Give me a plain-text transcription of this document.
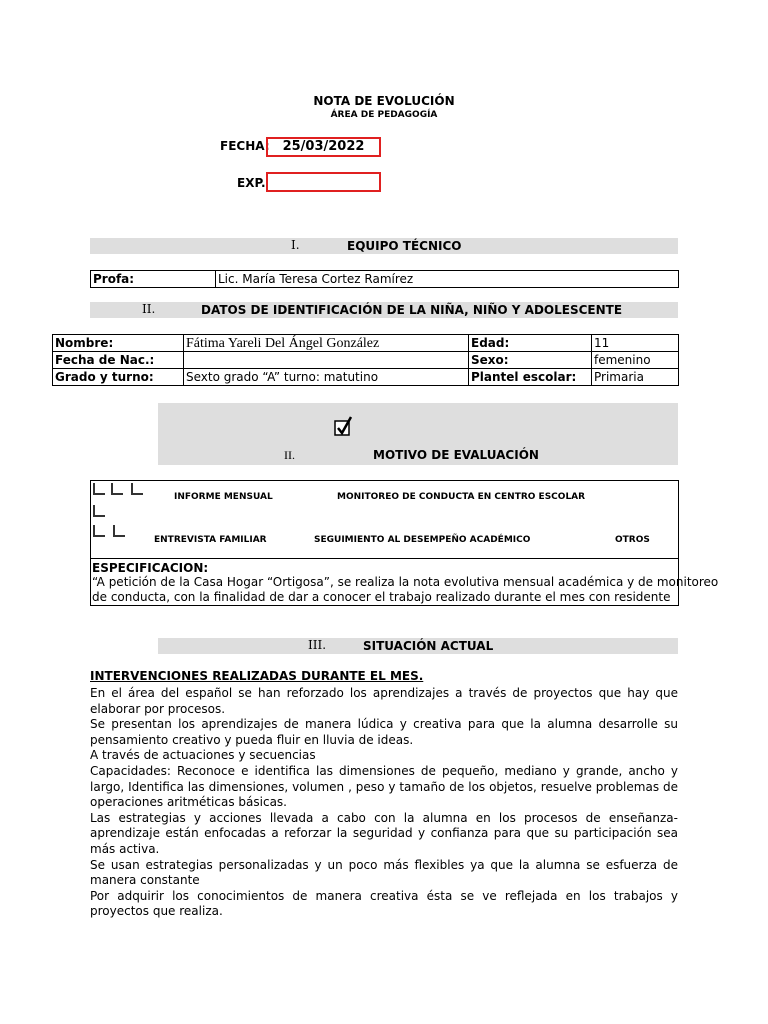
NOTA DE EVOLUCIÓN
ÁREA DE PEDAGOGÍA
FECHA:	25/03/2022
EXP.
I.	EQUIPO TÉCNICO
Profa:	Lic. María Teresa Cortez Ramírez
II.	DATOS DE IDENTIFICACIÓN DE LA NIÑA, NIÑO Y ADOLESCENTE
Nombre:	Fátima Yareli Del Ángel González	Edad:	11
Fecha de Nac.:		Sexo:	femenino
Grado y turno:	Sexto grado “A” turno: matutino	Plantel escolar:	Primaria
II.	MOTIVO DE EVALUACIÓN
INFORME MENSUAL	MONITOREO DE CONDUCTA EN CENTRO ESCOLAR
ENTREVISTA FAMILIAR	SEGUIMIENTO AL DESEMPEÑO ACADÉMICO	OTROS
ESPECIFICACION:
“A petición de la Casa Hogar “Ortigosa”, se realiza la nota evolutiva mensual académica y de monitoreo
de conducta, con la finalidad de dar a conocer el trabajo realizado durante el mes con residente
III.	SITUACIÓN ACTUAL
INTERVENCIONES REALIZADAS DURANTE EL MES.
En el área del español se han reforzado los aprendizajes a través de proyectos que hay que elaborar por procesos.
Se presentan los aprendizajes de manera lúdica y creativa para que la alumna desarrolle su pensamiento creativo y pueda fluir en lluvia de ideas.
A través de actuaciones y secuencias
Capacidades: Reconoce e identifica las dimensiones de pequeño, mediano y grande, ancho y largo, Identifica las dimensiones, volumen , peso y tamaño de los objetos, resuelve problemas de operaciones aritméticas básicas.
Las estrategias y acciones llevada a cabo con la alumna en los procesos de enseñanza- aprendizaje están enfocadas a reforzar la seguridad y confianza para que su participación sea más activa.
Se usan estrategias personalizadas y un poco más flexibles ya que la alumna se esfuerza de manera constante
Por adquirir los conocimientos de manera creativa ésta se ve reflejada en los trabajos y proyectos que realiza.
